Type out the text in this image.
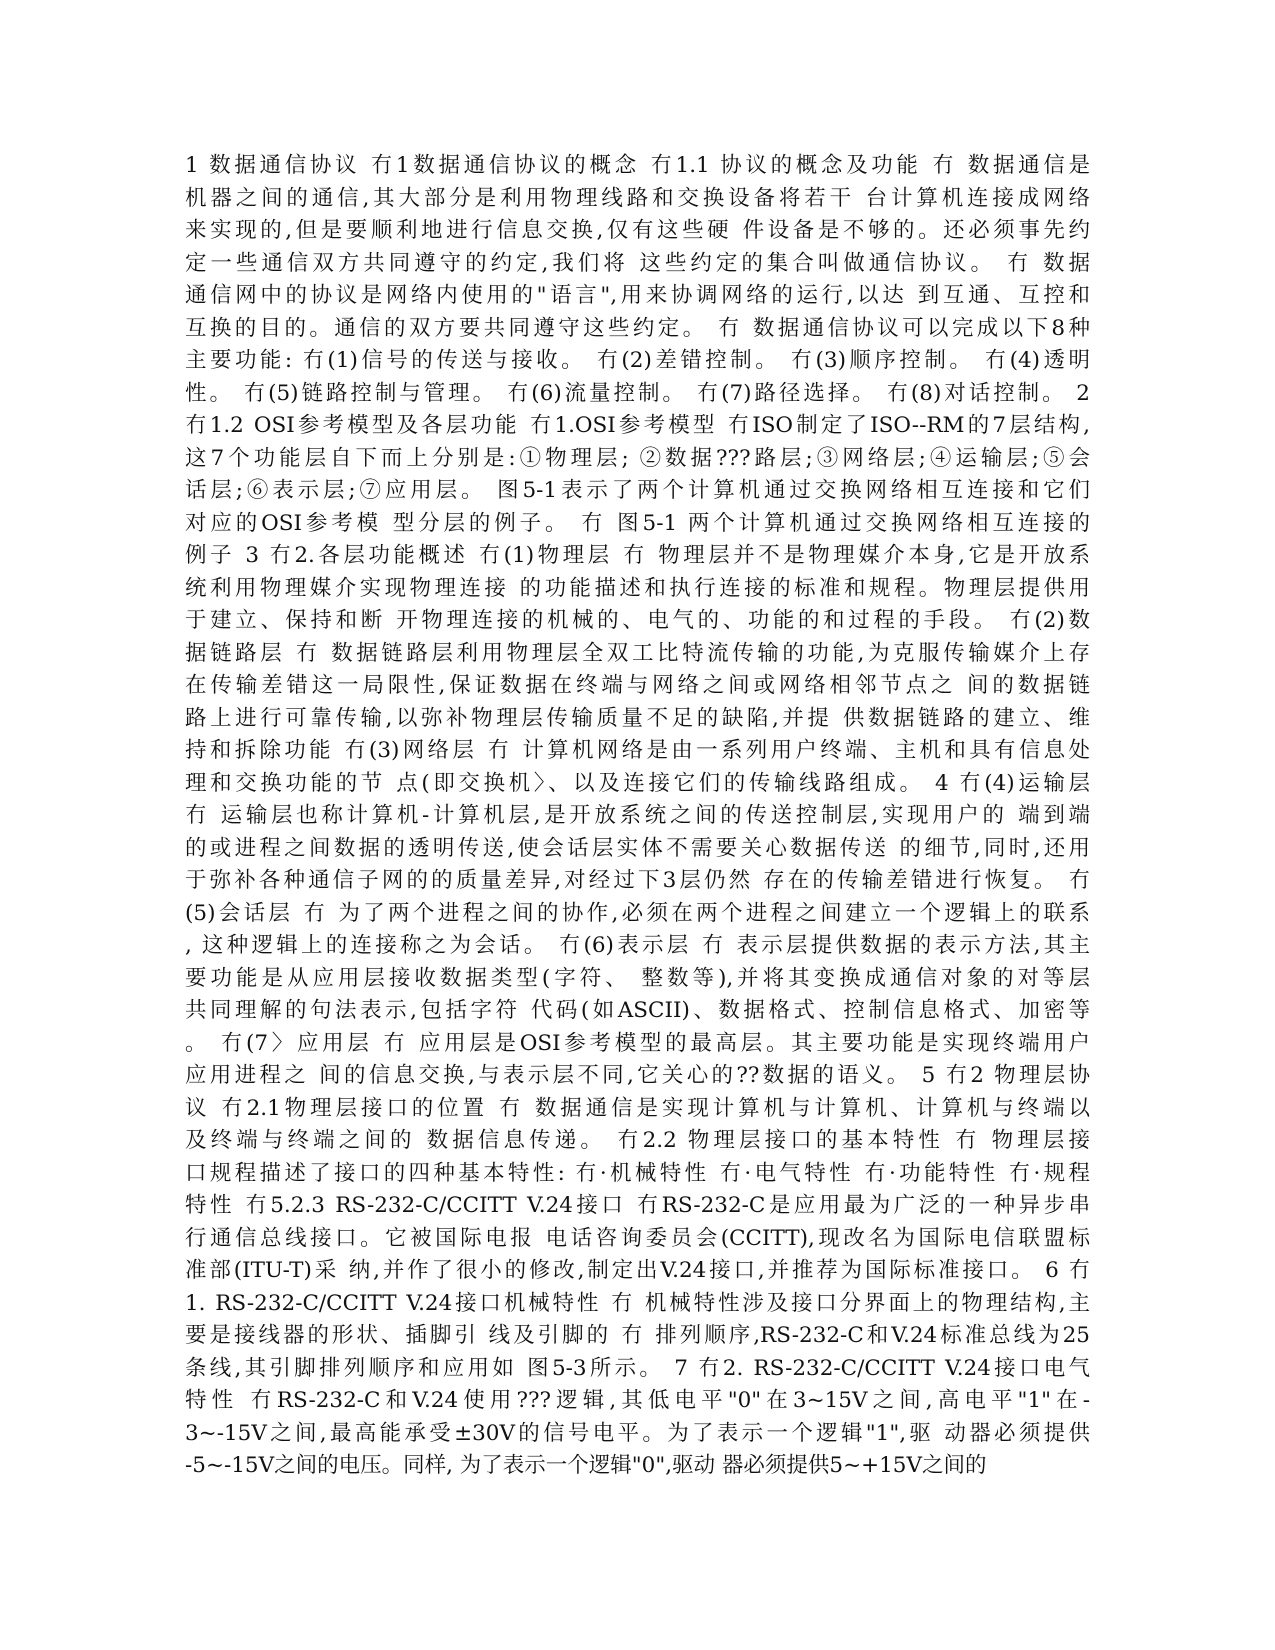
1 数据通信协议 冇1数据通信协议的概念 冇1.1 协议的概念及功能 冇 数据通信是
机器之间的通信,其大部分是利用物理线路和交换设备将若干 台计算机连接成网络
来实现的,但是要顺利地进行信息交换,仅有这些硬 件设备是不够的。还必须事先约
定一些通信双方共同遵守的约定,我们将 这些约定的集合叫做通信协议。 冇 数据
通信网中的协议是网络内使用的"语言",用来协调网络的运行,以达 到互通、互控和
互换的目的。通信的双方要共同遵守这些约定。 冇 数据通信协议可以完成以下8种
主要功能: 冇(1)信号的传送与接收。 冇(2)差错控制。 冇(3)顺序控制。 冇(4)透明
性。 冇(5)链路控制与管理。 冇(6)流量控制。 冇(7)路径选择。 冇(8)对话控制。 2
冇1.2 OSI参考模型及各层功能 冇1.OSI参考模型 冇ISO制定了ISO--RM的7层结构,
这7个功能层自下而上分别是:①物理层; ②数据???路层;③网络层;④运输层;⑤会
话层;⑥表示层;⑦应用层。 图5-1表示了两个计算机通过交换网络相互连接和它们
对应的OSI参考模 型分层的例子。 冇 图5-1 两个计算机通过交换网络相互连接的
例子 3 冇2.各层功能概述 冇(1)物理层 冇 物理层并不是物理媒介本身,它是开放系
统利用物理媒介实现物理连接 的功能描述和执行连接的标准和规程。物理层提供用
于建立、保持和断 开物理连接的机械的、电气的、功能的和过程的手段。 冇(2)数
据链路层 冇 数据链路层利用物理层全双工比特流传输的功能,为克服传输媒介上存
在传输差错这一局限性,保证数据在终端与网络之间或网络相邻节点之 间的数据链
路上进行可靠传输,以弥补物理层传输质量不足的缺陷,并提 供数据链路的建立、维
持和拆除功能 冇(3)网络层 冇 计算机网络是由一系列用户终端、主机和具有信息处
理和交换功能的节 点(即交换机〉、以及连接它们的传输线路组成。 4 冇(4)运输层
冇 运输层也称计算机-计算机层,是开放系统之间的传送控制层,实现用户的 端到端
的或进程之间数据的透明传送,使会话层实体不需要关心数据传送 的细节,同时,还用
于弥补各种通信子网的的质量差异,对经过下3层仍然 存在的传输差错进行恢复。 冇
(5)会话层 冇 为了两个进程之间的协作,必须在两个进程之间建立一个逻辑上的联系
, 这种逻辑上的连接称之为会话。 冇(6)表示层 冇 表示层提供数据的表示方法,其主
要功能是从应用层接收数据类型(字符、 整数等),并将其变换成通信对象的对等层
共同理解的句法表示,包括字符 代码(如ASCII)、数据格式、控制信息格式、加密等
。 冇(7〉应用层 冇 应用层是OSI参考模型的最高层。其主要功能是实现终端用户
应用进程之 间的信息交换,与表示层不同,它关心的??数据的语义。 5 冇2 物理层协
议 冇2.1物理层接口的位置 冇 数据通信是实现计算机与计算机、计算机与终端以
及终端与终端之间的 数据信息传递。 冇2.2 物理层接口的基本特性 冇 物理层接
口规程描述了接口的四种基本特性: 冇·机械特性 冇·电气特性 冇·功能特性 冇·规程
特性 冇5.2.3 RS-232-C/CCITT V.24接口 冇RS-232-C是应用最为广泛的一种异步串
行通信总线接口。它被国际电报 电话咨询委员会(CCITT),现改名为国际电信联盟标
准部(ITU-T)采 纳,并作了很小的修改,制定出V.24接口,并推荐为国际标准接口。 6 冇
1. RS-232-C/CCITT V.24接口机械特性 冇 机械特性涉及接口分界面上的物理结构,主
要是接线器的形状、插脚引 线及引脚的 冇 排列顺序,RS-232-C和V.24标准总线为25
条线,其引脚排列顺序和应用如 图5-3所示。 7 冇2. RS-232-C/CCITT V.24接口电气
特性 冇RS-232-C和V.24使用???逻辑,其低电平"0"在3~15V之间,高电平"1"在-
3~-15V之间,最高能承受±30V的信号电平。为了表示一个逻辑"1",驱 动器必须提供
-5~-15V之间的电压。同样, 为了表示一个逻辑"0",驱动 器必须提供5~+15V之间的
